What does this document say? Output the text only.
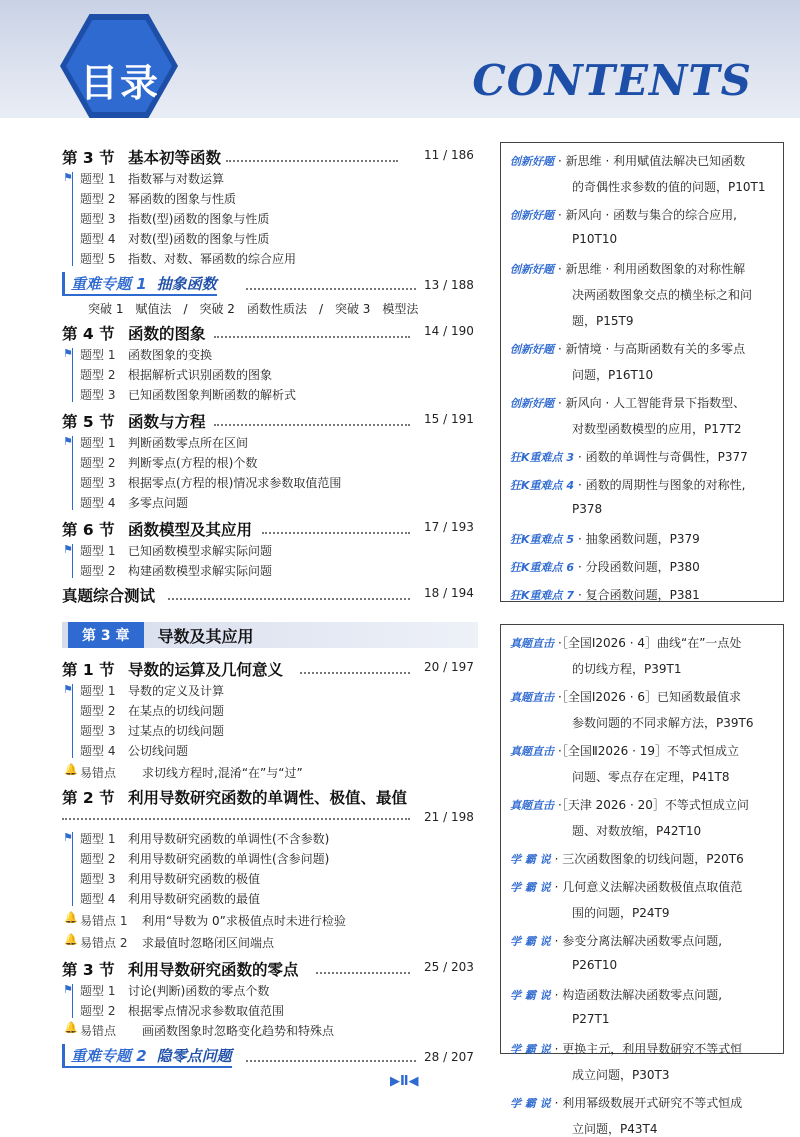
目录	CONTENTS
第 3 节 基本初等函数	11 / 186
⚑ 题型 1	指数幂与对数运算
题型 2	幂函数的图象与性质
题型 3	指数(型)函数的图象与性质
题型 4	对数(型)函数的图象与性质
题型 5	指数、对数、幂函数的综合应用
重难专题 1 抽象函数	13 / 188
突破 1　赋值法　/　突破 2　函数性质法　/　突破 3　模型法
第 4 节 函数的图象	14 / 190
⚑ 题型 1	函数图象的变换
题型 2	根据解析式识别函数的图象
题型 3	已知函数图象判断函数的解析式
第 5 节 函数与方程	15 / 191
⚑ 题型 1	判断函数零点所在区间
题型 2	判断零点(方程的根)个数
题型 3	根据零点(方程的根)情况求参数取值范围
题型 4	多零点问题
第 6 节 函数模型及其应用	17 / 193
⚑ 题型 1	已知函数模型求解实际问题
题型 2	构建函数模型求解实际问题
真题综合测试	18 / 194
第 3 章	导数及其应用
第 1 节 导数的运算及几何意义	20 / 197
⚑ 题型 1	导数的定义及计算
题型 2	在某点的切线问题
题型 3	过某点的切线问题
题型 4	公切线问题
🔔 易错点	求切线方程时,混淆“在”与“过”
第 2 节 利用导数研究函数的单调性、极值、最值
21 / 198
⚑ 题型 1	利用导数研究函数的单调性(不含参数)
题型 2	利用导数研究函数的单调性(含参问题)
题型 3	利用导数研究函数的极值
题型 4	利用导数研究函数的最值
🔔 易错点 1	利用“导数为 0”求极值点时未进行检验
🔔 易错点 2	求最值时忽略闭区间端点
第 3 节 利用导数研究函数的零点	25 / 203
⚑ 题型 1	讨论(判断)函数的零点个数
题型 2	根据零点情况求参数取值范围
🔔 易错点	画函数图象时忽略变化趋势和特殊点
重难专题 2 隐零点问题	28 / 207
创新好题 · 新思维 · 利用赋值法解决已知函数
的奇偶性求参数的值的问题，P10T1
创新好题 · 新风向 · 函数与集合的综合应用,
P10T10
创新好题 · 新思维 · 利用函数图象的对称性解
决两函数图象交点的横坐标之和问
题，P15T9
创新好题 · 新情境 · 与高斯函数有关的多零点
问题，P16T10
创新好题 · 新风向 · 人工智能背景下指数型、
对数型函数模型的应用，P17T2
狂K重难点 3 · 函数的单调性与奇偶性，P377
狂K重难点 4 · 函数的周期性与图象的对称性,
P378
狂K重难点 5 · 抽象函数问题，P379
狂K重难点 6 · 分段函数问题，P380
狂K重难点 7 · 复合函数问题，P381
真题直击 ·［全国Ⅰ2026 · 4］曲线“在”一点处
的切线方程，P39T1
真题直击 ·［全国Ⅰ2026 · 6］已知函数最值求
参数问题的不同求解方法，P39T6
真题直击 ·［全国Ⅱ2026 · 19］不等式恒成立
问题、零点存在定理，P41T8
真题直击 ·［天津 2026 · 20］不等式恒成立问
题、对数放缩，P42T10
学 霸 说 · 三次函数图象的切线问题，P20T6
学 霸 说 · 几何意义法解决函数极值点取值范
围的问题，P24T9
学 霸 说 · 参变分离法解决函数零点问题,
P26T10
学 霸 说 · 构造函数法解决函数零点问题,
P27T1
学 霸 说 · 更换主元，利用导数研究不等式恒
成立问题，P30T3
学 霸 说 · 利用幂级数展开式研究不等式恒成
立问题，P43T4
▶Ⅱ◀
